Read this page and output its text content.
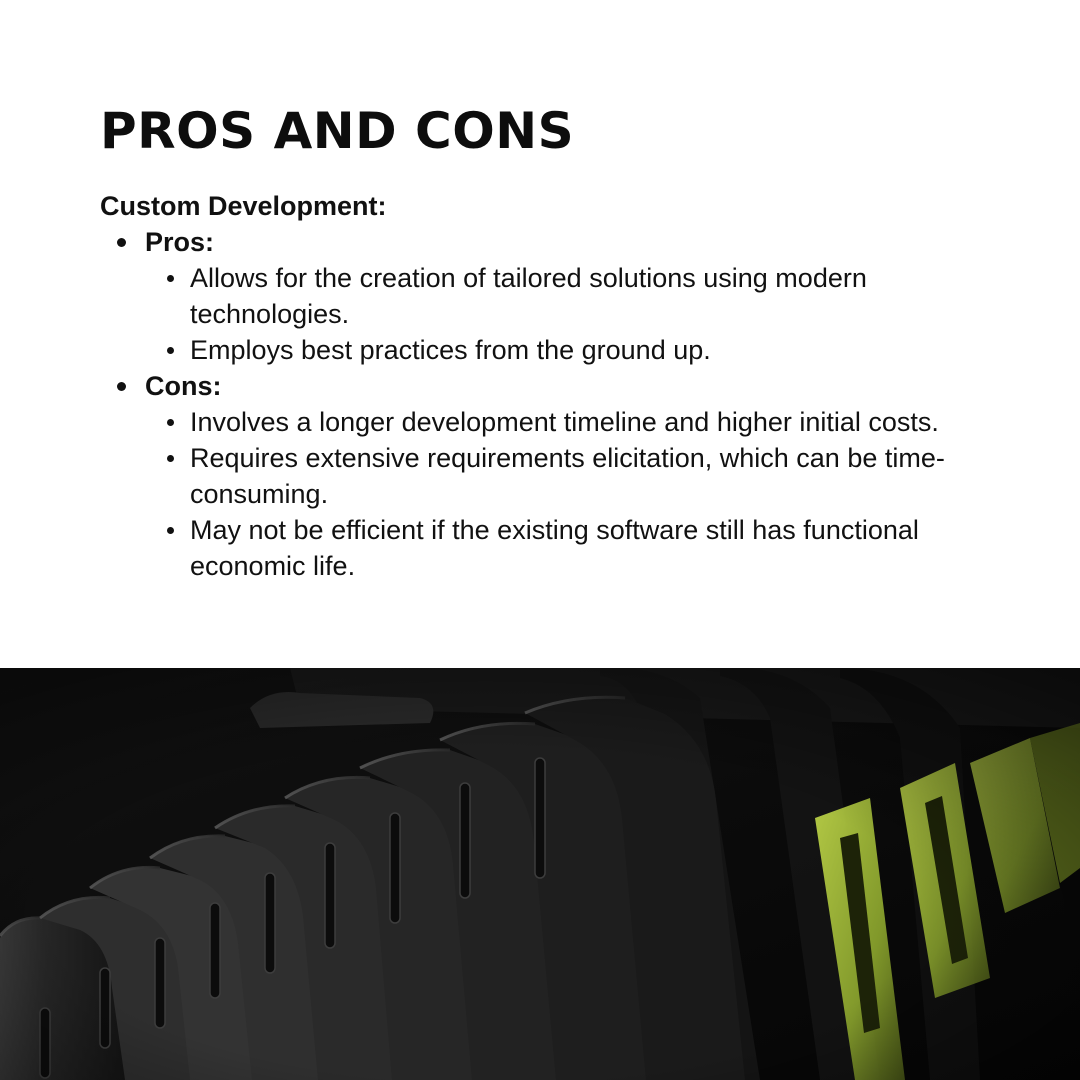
PROS AND CONS
Custom Development:
Pros:
Allows for the creation of tailored solutions using modern technologies.
Employs best practices from the ground up.
Cons:
Involves a longer development timeline and higher initial costs.
Requires extensive requirements elicitation, which can be time-consuming.
May not be efficient if the existing software still has functional economic life.
